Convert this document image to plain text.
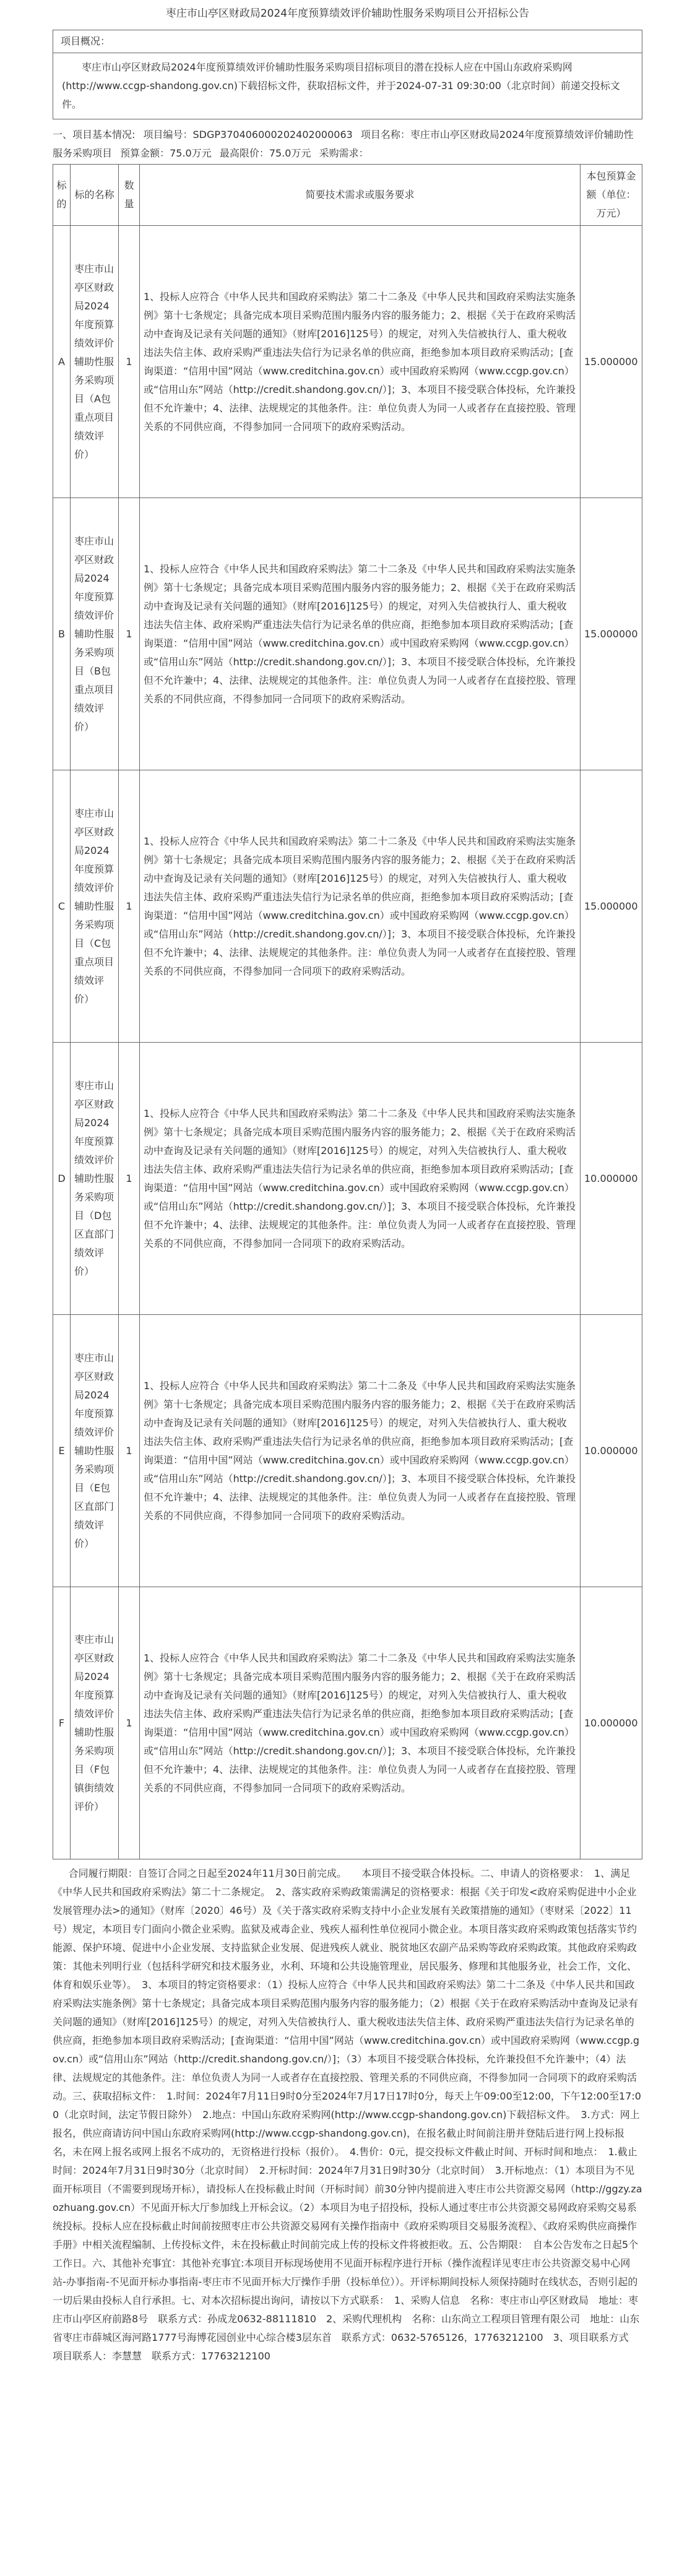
枣庄市山亭区财政局2024年度预算绩效评价辅助性服务采购项目公开招标公告
项目概况：
枣庄市山亭区财政局2024年度预算绩效评价辅助性服务采购项目招标项目的潜在投标人应在中国山东政府采购网(http://www.ccgp-shandong.gov.cn)下载招标文件，获取招标文件，并于2024-07-31 09:30:00（北京时间）前递交投标文件。
一、项目基本情况: 项目编号：SDGP370406000202402000063 项目名称：枣庄市山亭区财政局2024年度预算绩效评价辅助性服务采购项目 预算金额：75.0万元 最高限价：75.0万元 采购需求：
标的	标的名称	数量	简要技术需求或服务要求	本包预算金额（单位：万元）
A	枣庄市山亭区财政局2024年度预算绩效评价辅助性服务采购项目（A包重点项目绩效评价）	1	1、投标人应符合《中华人民共和国政府采购法》第二十二条及《中华人民共和国政府采购法实施条例》第十七条规定；具备完成本项目采购范围内服务内容的服务能力；2、根据《关于在政府采购活动中查询及记录有关问题的通知》（财库[2016]125号）的规定，对列入失信被执行人、重大税收违法失信主体、政府采购严重违法失信行为记录名单的供应商，拒绝参加本项目政府采购活动；[查询渠道：“信用中国”网站（www.creditchina.gov.cn）或中国政府采购网（www.ccgp.gov.cn）或“信用山东”网站（http://credit.shandong.gov.cn/）]；3、本项目不接受联合体投标，允许兼投但不允许兼中；4、法律、法规规定的其他条件。注：单位负责人为同一人或者存在直接控股、管理关系的不同供应商，不得参加同一合同项下的政府采购活动。	15.000000
B	枣庄市山亭区财政局2024年度预算绩效评价辅助性服务采购项目（B包重点项目绩效评价）	1	1、投标人应符合《中华人民共和国政府采购法》第二十二条及《中华人民共和国政府采购法实施条例》第十七条规定；具备完成本项目采购范围内服务内容的服务能力；2、根据《关于在政府采购活动中查询及记录有关问题的通知》（财库[2016]125号）的规定，对列入失信被执行人、重大税收违法失信主体、政府采购严重违法失信行为记录名单的供应商，拒绝参加本项目政府采购活动；[查询渠道：“信用中国”网站（www.creditchina.gov.cn）或中国政府采购网（www.ccgp.gov.cn）或“信用山东”网站（http://credit.shandong.gov.cn/）]；3、本项目不接受联合体投标，允许兼投但不允许兼中；4、法律、法规规定的其他条件。注：单位负责人为同一人或者存在直接控股、管理关系的不同供应商，不得参加同一合同项下的政府采购活动。	15.000000
C	枣庄市山亭区财政局2024年度预算绩效评价辅助性服务采购项目（C包重点项目绩效评价）	1	1、投标人应符合《中华人民共和国政府采购法》第二十二条及《中华人民共和国政府采购法实施条例》第十七条规定；具备完成本项目采购范围内服务内容的服务能力；2、根据《关于在政府采购活动中查询及记录有关问题的通知》（财库[2016]125号）的规定，对列入失信被执行人、重大税收违法失信主体、政府采购严重违法失信行为记录名单的供应商，拒绝参加本项目政府采购活动；[查询渠道：“信用中国”网站（www.creditchina.gov.cn）或中国政府采购网（www.ccgp.gov.cn）或“信用山东”网站（http://credit.shandong.gov.cn/）]；3、本项目不接受联合体投标，允许兼投但不允许兼中；4、法律、法规规定的其他条件。注：单位负责人为同一人或者存在直接控股、管理关系的不同供应商，不得参加同一合同项下的政府采购活动。	15.000000
D	枣庄市山亭区财政局2024年度预算绩效评价辅助性服务采购项目（D包区直部门绩效评价）	1	1、投标人应符合《中华人民共和国政府采购法》第二十二条及《中华人民共和国政府采购法实施条例》第十七条规定；具备完成本项目采购范围内服务内容的服务能力；2、根据《关于在政府采购活动中查询及记录有关问题的通知》（财库[2016]125号）的规定，对列入失信被执行人、重大税收违法失信主体、政府采购严重违法失信行为记录名单的供应商，拒绝参加本项目政府采购活动；[查询渠道：“信用中国”网站（www.creditchina.gov.cn）或中国政府采购网（www.ccgp.gov.cn）或“信用山东”网站（http://credit.shandong.gov.cn/）]；3、本项目不接受联合体投标，允许兼投但不允许兼中；4、法律、法规规定的其他条件。注：单位负责人为同一人或者存在直接控股、管理关系的不同供应商，不得参加同一合同项下的政府采购活动。	10.000000
E	枣庄市山亭区财政局2024年度预算绩效评价辅助性服务采购项目（E包区直部门绩效评价）	1	1、投标人应符合《中华人民共和国政府采购法》第二十二条及《中华人民共和国政府采购法实施条例》第十七条规定；具备完成本项目采购范围内服务内容的服务能力；2、根据《关于在政府采购活动中查询及记录有关问题的通知》（财库[2016]125号）的规定，对列入失信被执行人、重大税收违法失信主体、政府采购严重违法失信行为记录名单的供应商，拒绝参加本项目政府采购活动；[查询渠道：“信用中国”网站（www.creditchina.gov.cn）或中国政府采购网（www.ccgp.gov.cn）或“信用山东”网站（http://credit.shandong.gov.cn/）]；3、本项目不接受联合体投标，允许兼投但不允许兼中；4、法律、法规规定的其他条件。注：单位负责人为同一人或者存在直接控股、管理关系的不同供应商，不得参加同一合同项下的政府采购活动。	10.000000
F	枣庄市山亭区财政局2024年度预算绩效评价辅助性服务采购项目（F包镇街绩效评价）	1	1、投标人应符合《中华人民共和国政府采购法》第二十二条及《中华人民共和国政府采购法实施条例》第十七条规定；具备完成本项目采购范围内服务内容的服务能力；2、根据《关于在政府采购活动中查询及记录有关问题的通知》（财库[2016]125号）的规定，对列入失信被执行人、重大税收违法失信主体、政府采购严重违法失信行为记录名单的供应商，拒绝参加本项目政府采购活动；[查询渠道：“信用中国”网站（www.creditchina.gov.cn）或中国政府采购网（www.ccgp.gov.cn）或“信用山东”网站（http://credit.shandong.gov.cn/）]；3、本项目不接受联合体投标，允许兼投但不允许兼中；4、法律、法规规定的其他条件。注：单位负责人为同一人或者存在直接控股、管理关系的不同供应商，不得参加同一合同项下的政府采购活动。	10.000000
合同履行期限：自签订合同之日起至2024年11月30日前完成。　　本项目不接受联合体投标。二、申请人的资格要求：　1、满足《中华人民共和国政府采购法》第二十二条规定。　2、落实政府采购政策需满足的资格要求：根据《关于印发<政府采购促进中小企业发展管理办法>的通知》（财库〔2020〕46号）及《关于落实政府采购支持中小企业发展有关政策措施的通知》（枣财采〔2022〕11号）规定，本项目专门面向小微企业采购。监狱及戒毒企业、残疾人福利性单位视同小微企业。本项目落实政府采购政策包括落实节约能源、保护环境、促进中小企业发展、支持监狱企业发展、促进残疾人就业、脱贫地区农副产品采购等政府采购政策。其他政府采购政策：其他未列明行业（包括科学研究和技术服务业，水利、环境和公共设施管理业，居民服务、修理和其他服务业，社会工作，文化、体育和娱乐业等）。　3、本项目的特定资格要求：（1）投标人应符合《中华人民共和国政府采购法》第二十二条及《中华人民共和国政府采购法实施条例》第十七条规定；具备完成本项目采购范围内服务内容的服务能力；（2）根据《关于在政府采购活动中查询及记录有关问题的通知》（财库[2016]125号）的规定，对列入失信被执行人、重大税收违法失信主体、政府采购严重违法失信行为记录名单的供应商，拒绝参加本项目政府采购活动；[查询渠道：“信用中国”网站（www.creditchina.gov.cn）或中国政府采购网（www.ccgp.gov.cn）或“信用山东”网站（http://credit.shandong.gov.cn/）]；（3）本项目不接受联合体投标，允许兼投但不允许兼中；（4）法律、法规规定的其他条件。注：单位负责人为同一人或者存在直接控股、管理关系的不同供应商，不得参加同一合同项下的政府采购活动。三、获取招标文件：　1.时间：2024年7月11日9时0分至2024年7月17日17时0分，每天上午09:00至12:00，下午12:00至17:00（北京时间，法定节假日除外）　2.地点：中国山东政府采购网(http://www.ccgp-shandong.gov.cn)下载招标文件。　3.方式：网上报名，供应商请访问中国山东政府采购网(http://www.ccgp-shandong.gov.cn)，在报名截止时间前注册并登陆后进行网上投标报名，未在网上报名或网上报名不成功的，无资格进行投标（报价）。　4.售价：0元，提交投标文件截止时间、开标时间和地点：　1.截止时间：2024年7月31日9时30分（北京时间）　2.开标时间：2024年7月31日9时30分（北京时间）　3.开标地点：（1）本项目为不见面开标项目（不需要到现场开标），请投标人在投标截止时间（开标时间）前30分钟内提前进入枣庄市公共资源交易网（http://ggzy.zaozhuang.gov.cn）不见面开标大厅参加线上开标会议。（2）本项目为电子招投标，投标人通过枣庄市公共资源交易网政府采购交易系统投标。投标人应在投标截止时间前按照枣庄市公共资源交易网有关操作指南中《政府采购项目交易服务流程》、《政府采购供应商操作手册》中相关流程编制、上传投标文件，未在投标截止时间前完成上传的投标文件将被拒收。五、公告期限：　自本公告发布之日起5个工作日。六、其他补充事宜：其他补充事宜:本项目开标现场使用不见面开标程序进行开标（操作流程详见枣庄市公共资源交易中心网站-办事指南-不见面开标办事指南-枣庄市不见面开标大厅操作手册（投标单位））。开评标期间投标人须保持随时在线状态，否则引起的一切后果由投标人自行承担。七、对本次招标提出询问，请按以下方式联系：　1、采购人信息　名称：枣庄市山亭区财政局　地址：枣庄市山亭区府前路8号　联系方式：孙成龙0632-88111810　2、采购代理机构　名称：山东尚立工程项目管理有限公司　地址：山东省枣庄市薛城区海河路1777号海博花园创业中心综合楼3层东首　联系方式：0632-5765126，17763212100　3、项目联系方式　项目联系人：李慧慧　联系方式：17763212100
